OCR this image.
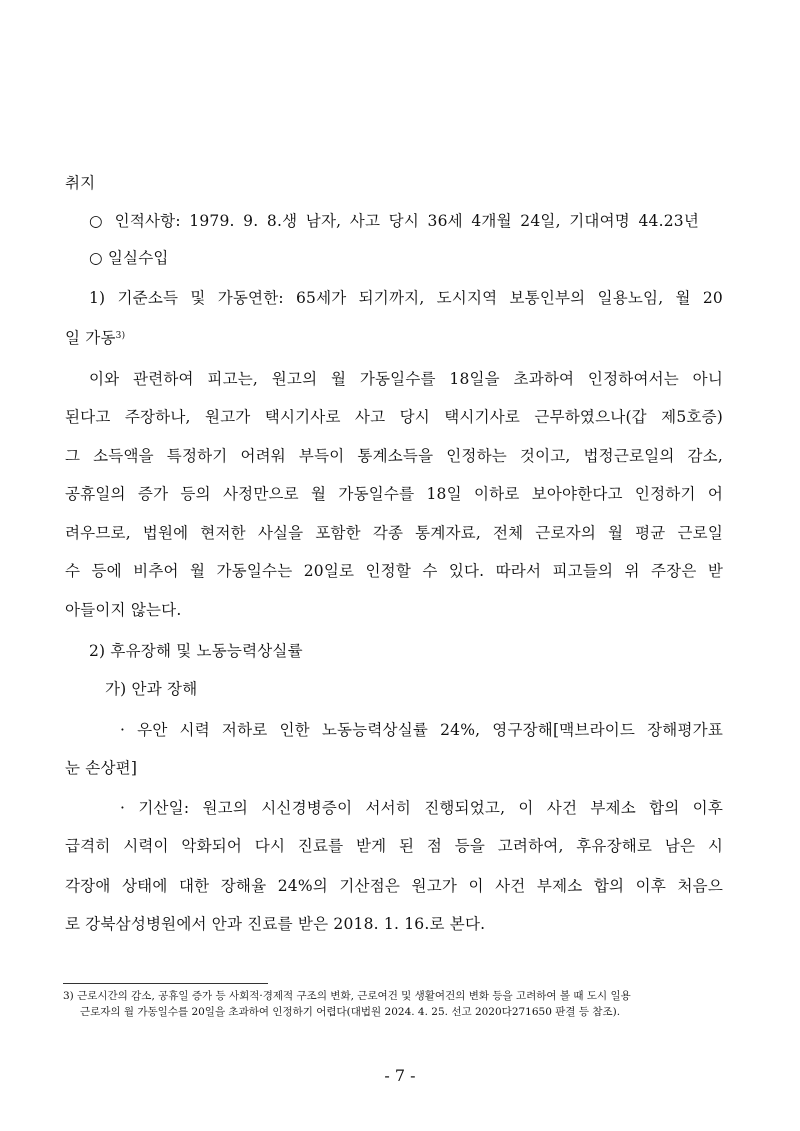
취지
○ 인적사항: 1979. 9. 8.생 남자, 사고 당시 36세 4개월 24일, 기대여명 44.23년
○ 일실수입
1) 기준소득 및 가동연한: 65세가 되기까지, 도시지역 보통인부의 일용노임, 월 20
일 가동$^{3)}$
이와 관련하여 피고는, 원고의 월 가동일수를 18일을 초과하여 인정하여서는 아니
된다고 주장하나, 원고가 택시기사로 사고 당시 택시기사로 근무하였으나(갑 제5호증)
그 소득액을 특정하기 어려워 부득이 통계소득을 인정하는 것이고, 법정근로일의 감소,
공휴일의 증가 등의 사정만으로 월 가동일수를 18일 이하로 보아야한다고 인정하기 어
려우므로, 법원에 현저한 사실을 포함한 각종 통계자료, 전체 근로자의 월 평균 근로일
수 등에 비추어 월 가동일수는 20일로 인정할 수 있다. 따라서 피고들의 위 주장은 받
아들이지 않는다.
2) 후유장해 및 노동능력상실률
가) 안과 장해
· 우안 시력 저하로 인한 노동능력상실률 24%, 영구장해[맥브라이드 장해평가표
눈 손상편]
· 기산일: 원고의 시신경병증이 서서히 진행되었고, 이 사건 부제소 합의 이후
급격히 시력이 악화되어 다시 진료를 받게 된 점 등을 고려하여, 후유장해로 남은 시
각장애 상태에 대한 장해율 24%의 기산점은 원고가 이 사건 부제소 합의 이후 처음으
로 강북삼성병원에서 안과 진료를 받은 2018. 1. 16.로 본다.
3) 근로시간의 감소, 공휴일 증가 등 사회적·경제적 구조의 변화, 근로여건 및 생활여건의 변화 등을 고려하여 볼 때 도시 일용
근로자의 월 가동일수를 20일을 초과하여 인정하기 어렵다(대법원 2024. 4. 25. 선고 2020다271650 판결 등 참조).
- 7 -
